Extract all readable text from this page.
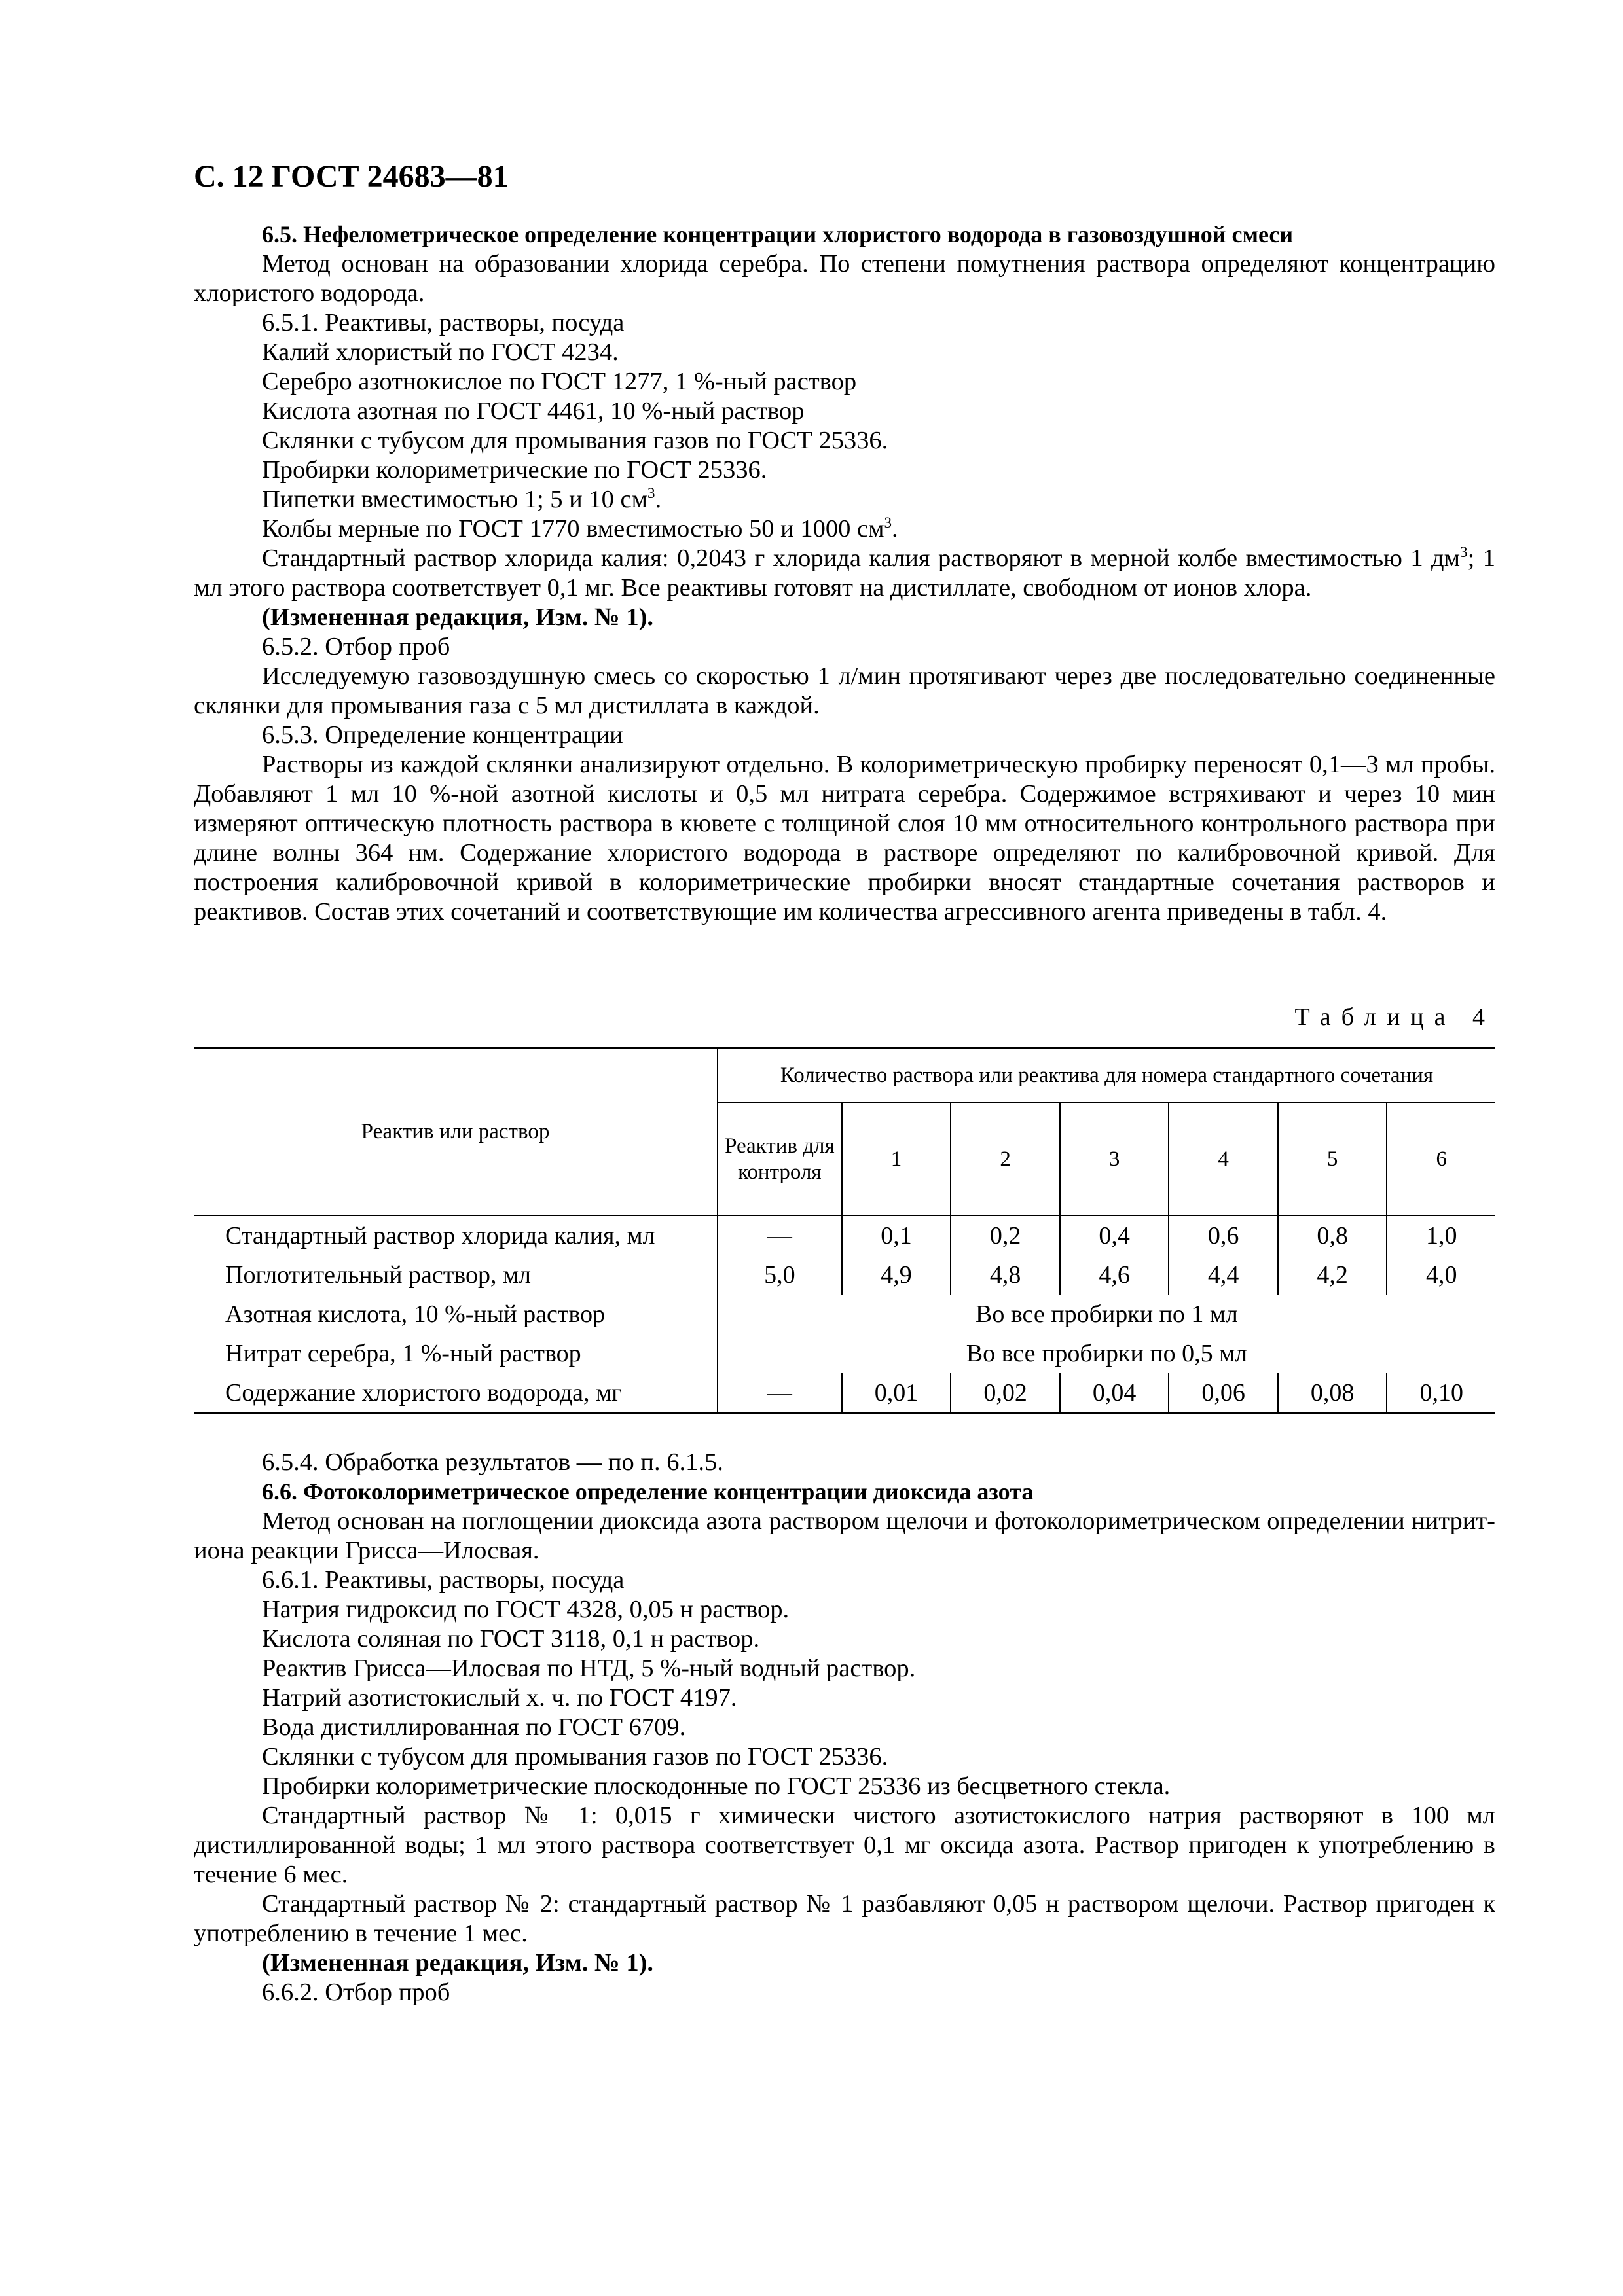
С. 12 ГОСТ 24683—81

6.5. Нефелометрическое определение концентрации хлористого водорода в газовоздушной смеси

Метод основан на образовании хлорида серебра. По степени помутнения раствора определяют концентрацию хлористого водорода.

6.5.1. Реактивы, растворы, посуда

Калий хлористый по ГОСТ 4234.

Серебро азотнокислое по ГОСТ 1277, 1 %-ный раствор

Кислота азотная по ГОСТ 4461, 10 %-ный раствор

Склянки с тубусом для промывания газов по ГОСТ 25336.

Пробирки колориметрические по ГОСТ 25336.

Пипетки вместимостью 1; 5 и 10 $см^3$.

Колбы мерные по ГОСТ 1770 вместимостью 50 и 1000 $см^3$.

Стандартный раствор хлорида калия: 0,2043 г хлорида калия растворяют в мерной колбе вместимостью 1 $дм^3$; 1 мл этого раствора соответствует 0,1 мг. Все реактивы готовят на дистиллате, свободном от ионов хлора.

(Измененная редакция, Изм. № 1).

6.5.2. Отбор проб

Исследуемую газовоздушную смесь со скоростью 1 л/мин протягивают через две последовательно соединенные склянки для промывания газа с 5 мл дистиллата в каждой.

6.5.3. Определение концентрации

Растворы из каждой склянки анализируют отдельно. В колориметрическую пробирку переносят 0,1—3 мл пробы. Добавляют 1 мл 10 %-ной азотной кислоты и 0,5 мл нитрата серебра. Содержимое встряхивают и через 10 мин измеряют оптическую плотность раствора в кювете с толщиной слоя 10 мм относительного контрольного раствора при длине волны 364 нм. Содержание хлористого водорода в растворе определяют по калибровочной кривой. Для построения калибровочной кривой в колориметрические пробирки вносят стандартные сочетания растворов и реактивов. Состав этих сочетаний и соответствующие им количества агрессивного агента приведены в табл. 4.

Таблица 4
Реактив или раствор	Количество раствора или реактива для номера стандартного сочетания						
	Реактив для контроля	1	2	3	4	5	6
Стандартный раствор хлорида калия, мл	—	0,1	0,2	0,4	0,6	0,8	1,0
Поглотительный раствор, мл	5,0	4,9	4,8	4,6	4,4	4,2	4,0
Азотная кислота, 10 %-ный раствор	Во все пробирки по 1 мл						
Нитрат серебра, 1 %-ный раствор	Во все пробирки по 0,5 мл						
Содержание хлористого водорода, мг	—	0,01	0,02	0,04	0,06	0,08	0,10

6.5.4. Обработка результатов — по п. 6.1.5.

6.6. Фотоколориметрическое определение концентрации диоксида азота

Метод основан на поглощении диоксида азота раствором щелочи и фотоколориметрическом определении нитрит-иона реакции Грисса—Илосвая.

6.6.1. Реактивы, растворы, посуда

Натрия гидроксид по ГОСТ 4328, 0,05 н раствор.

Кислота соляная по ГОСТ 3118, 0,1 н раствор.

Реактив Грисса—Илосвая по НТД, 5 %-ный водный раствор.

Натрий азотистокислый х. ч. по ГОСТ 4197.

Вода дистиллированная по ГОСТ 6709.

Склянки с тубусом для промывания газов по ГОСТ 25336.

Пробирки колориметрические плоскодонные по ГОСТ 25336 из бесцветного стекла.

Стандартный раствор № 1: 0,015 г химически чистого азотистокислого натрия растворяют в 100 мл дистиллированной воды; 1 мл этого раствора соответствует 0,1 мг оксида азота. Раствор пригоден к употреблению в течение 6 мес.

Стандартный раствор № 2: стандартный раствор № 1 разбавляют 0,05 н раствором щелочи. Раствор пригоден к употреблению в течение 1 мес.

(Измененная редакция, Изм. № 1).

6.6.2. Отбор проб
